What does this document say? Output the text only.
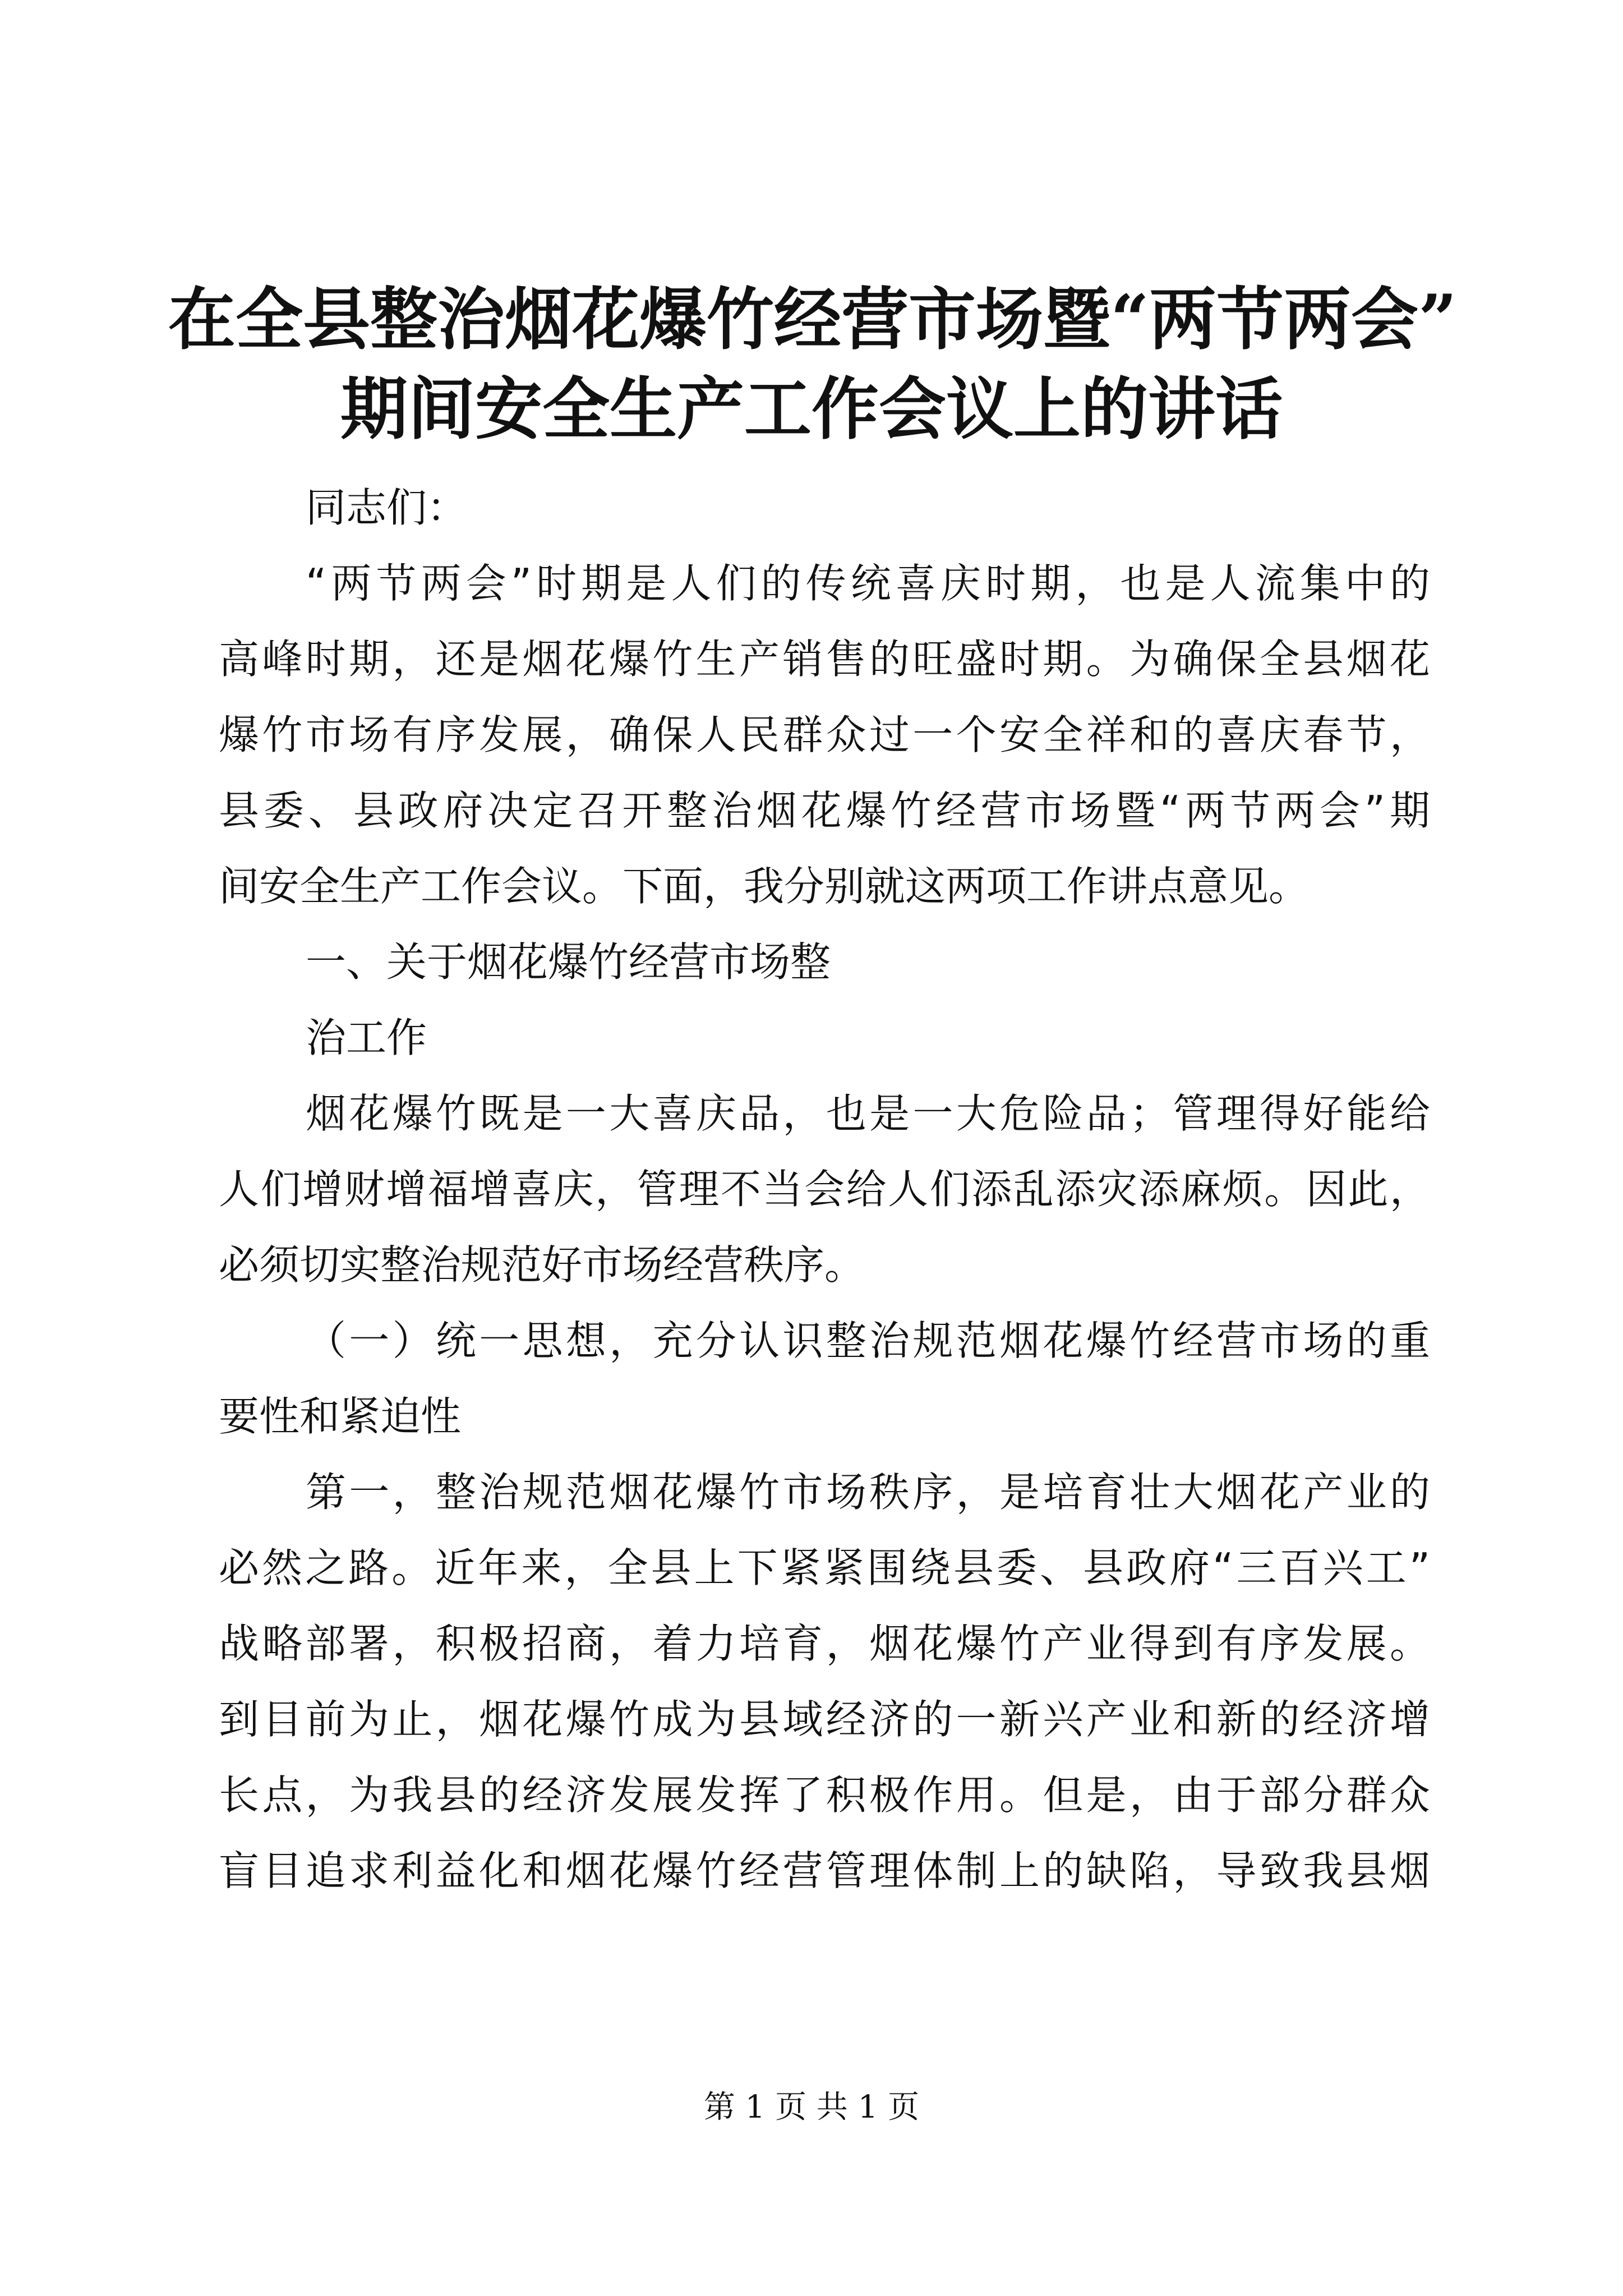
在全县整治烟花爆竹经营市场暨“两节两会”
期间安全生产工作会议上的讲话

同志们：

“两节两会”时期是人们的传统喜庆时期，也是人流集中的

高峰时期，还是烟花爆竹生产销售的旺盛时期。为确保全县烟花

爆竹市场有序发展，确保人民群众过一个安全祥和的喜庆春节，

县委、县政府决定召开整治烟花爆竹经营市场暨“两节两会”期

间安全生产工作会议。下面，我分别就这两项工作讲点意见。

一、关于烟花爆竹经营市场整

治工作

烟花爆竹既是一大喜庆品，也是一大危险品；管理得好能给

人们增财增福增喜庆，管理不当会给人们添乱添灾添麻烦。因此，

必须切实整治规范好市场经营秩序。

（一）统一思想，充分认识整治规范烟花爆竹经营市场的重

要性和紧迫性

第一，整治规范烟花爆竹市场秩序，是培育壮大烟花产业的

必然之路。近年来，全县上下紧紧围绕县委、县政府“三百兴工”

战略部署，积极招商，着力培育，烟花爆竹产业得到有序发展。

到目前为止，烟花爆竹成为县域经济的一新兴产业和新的经济增

长点，为我县的经济发展发挥了积极作用。但是，由于部分群众

盲目追求利益化和烟花爆竹经营管理体制上的缺陷，导致我县烟

第 1 页 共 1 页
